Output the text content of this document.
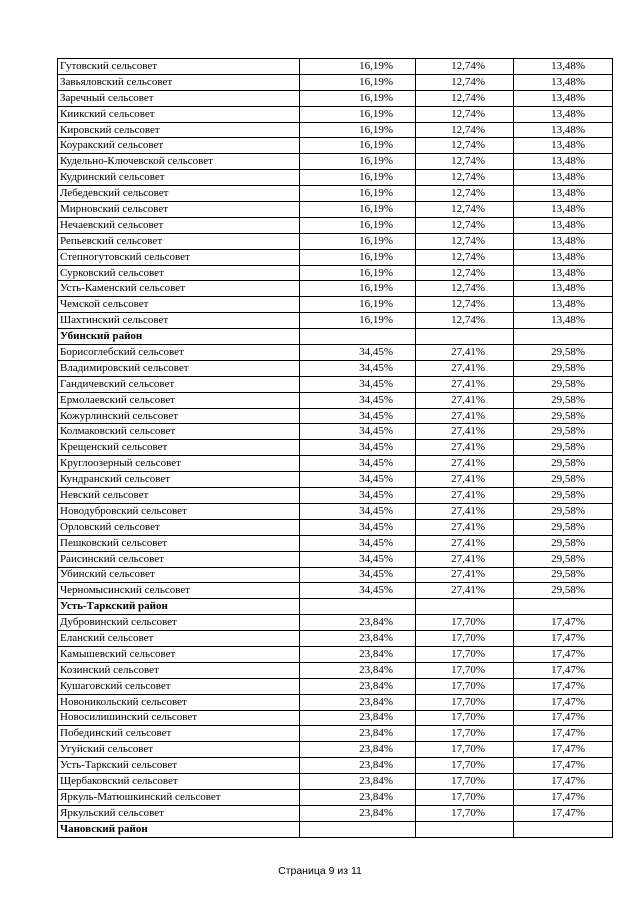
Гутовский сельсовет	16,19%	12,74%	13,48%
Завьяловский сельсовет	16,19%	12,74%	13,48%
Заречный сельсовет	16,19%	12,74%	13,48%
Киикский сельсовет	16,19%	12,74%	13,48%
Кировский сельсовет	16,19%	12,74%	13,48%
Коуракский сельсовет	16,19%	12,74%	13,48%
Кудельно-Ключевской сельсовет	16,19%	12,74%	13,48%
Кудринский сельсовет	16,19%	12,74%	13,48%
Лебедевский сельсовет	16,19%	12,74%	13,48%
Мирновский сельсовет	16,19%	12,74%	13,48%
Нечаевский сельсовет	16,19%	12,74%	13,48%
Репьевский сельсовет	16,19%	12,74%	13,48%
Степногутовский сельсовет	16,19%	12,74%	13,48%
Сурковский сельсовет	16,19%	12,74%	13,48%
Усть-Каменский сельсовет	16,19%	12,74%	13,48%
Чемской сельсовет	16,19%	12,74%	13,48%
Шахтинский сельсовет	16,19%	12,74%	13,48%
Убинский район			
Борисоглебский сельсовет	34,45%	27,41%	29,58%
Владимировский сельсовет	34,45%	27,41%	29,58%
Гандичевский сельсовет	34,45%	27,41%	29,58%
Ермолаевский сельсовет	34,45%	27,41%	29,58%
Кожурлинский сельсовет	34,45%	27,41%	29,58%
Колмаковский сельсовет	34,45%	27,41%	29,58%
Крещенский сельсовет	34,45%	27,41%	29,58%
Круглоозерный сельсовет	34,45%	27,41%	29,58%
Кундранский сельсовет	34,45%	27,41%	29,58%
Невский сельсовет	34,45%	27,41%	29,58%
Новодубровский сельсовет	34,45%	27,41%	29,58%
Орловский сельсовет	34,45%	27,41%	29,58%
Пешковский сельсовет	34,45%	27,41%	29,58%
Раисинский сельсовет	34,45%	27,41%	29,58%
Убинский сельсовет	34,45%	27,41%	29,58%
Черномысинский сельсовет	34,45%	27,41%	29,58%
Усть-Таркский район			
Дубровинский сельсовет	23,84%	17,70%	17,47%
Еланский сельсовет	23,84%	17,70%	17,47%
Камышевский сельсовет	23,84%	17,70%	17,47%
Козинский сельсовет	23,84%	17,70%	17,47%
Кушаговский сельсовет	23,84%	17,70%	17,47%
Новоникольский сельсовет	23,84%	17,70%	17,47%
Новосилишинский сельсовет	23,84%	17,70%	17,47%
Побединский сельсовет	23,84%	17,70%	17,47%
Угуйский сельсовет	23,84%	17,70%	17,47%
Усть-Таркский сельсовет	23,84%	17,70%	17,47%
Щербаковский сельсовет	23,84%	17,70%	17,47%
Яркуль-Матюшкинский сельсовет	23,84%	17,70%	17,47%
Яркульский сельсовет	23,84%	17,70%	17,47%
Чановский район			
Страница 9 из 11
